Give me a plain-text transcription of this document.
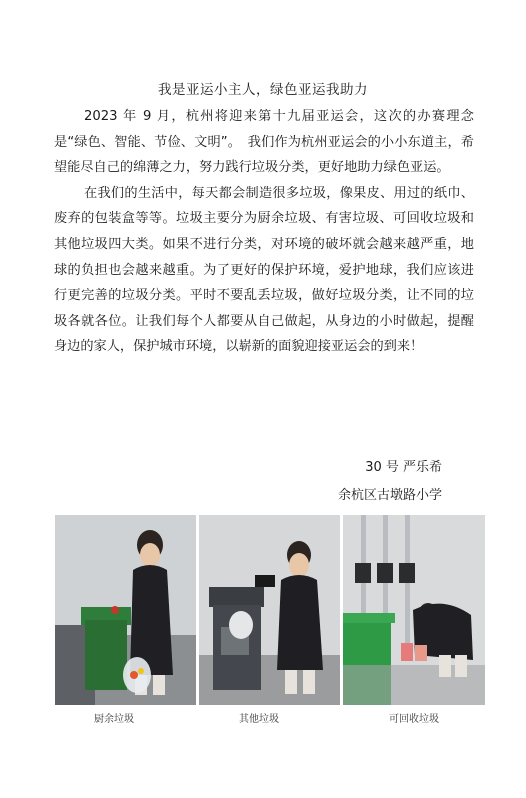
我是亚运小主人，绿色亚运我助力

2023 年 9 月，杭州将迎来第十九届亚运会，这次的办赛理念是“绿色、智能、节俭、文明”。　我们作为杭州亚运会的小小东道主，希望能尽自己的绵薄之力，努力践行垃圾分类，更好地助力绿色亚运。

在我们的生活中，每天都会制造很多垃圾，像果皮、用过的纸巾、废弃的包装盒等等。垃圾主要分为厨余垃圾、有害垃圾、可回收垃圾和其他垃圾四大类。如果不进行分类，对环境的破坏就会越来越严重，地球的负担也会越来越重。为了更好的保护环境，爱护地球，我们应该进行更完善的垃圾分类。平时不要乱丢垃圾，做好垃圾分类，让不同的垃圾各就各位。让我们每个人都要从自己做起，从身边的小时做起，提醒身边的家人，保护城市环境，以崭新的面貌迎接亚运会的到来！

30 号 严乐希
余杭区古墩路小学
厨余垃圾	其他垃圾	可回收垃圾
